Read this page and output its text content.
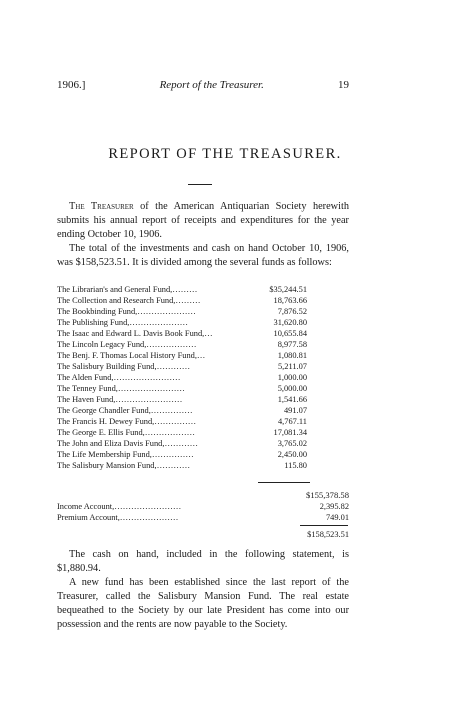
1906.]	Report of the Treasurer.	19
REPORT OF THE TREASURER.

The Treasurer of the American Antiquarian Society herewith submits his annual report of receipts and expenditures for the year ending October 10, 1906.

The total of the investments and cash on hand October 10, 1906, was $158,523.51. It is divided among the several funds as follows:

The Librarian's and General Fund,………	$35,244.51
The Collection and Research Fund,………	18,763.66
The Bookbinding Fund,…………………	7,876.52
The Publishing Fund,…………………	31,620.80
The Isaac and Edward L. Davis Book Fund,…	10,655.84
The Lincoln Legacy Fund,………………	8,977.58
The Benj. F. Thomas Local History Fund,…	1,080.81
The Salisbury Building Fund,…………	5,211.07
The Alden Fund,……………………	1,000.00
The Tenney Fund,……………………	5,000.00
The Haven Fund,……………………	1,541.66
The George Chandler Fund,……………	491.07
The Francis H. Dewey Fund,……………	4,767.11
The George E. Ellis Fund,………………	17,081.34
The John and Eliza Davis Fund,…………	3,765.02
The Life Membership Fund,……………	2,450.00
The Salisbury Mansion Fund,…………	115.80
$155,378.58
Income Account,……………………	2,395.82
Premium Account,…………………	749.01
$158,523.51

The cash on hand, included in the following statement, is $1,880.94.

A new fund has been established since the last report of the Treasurer, called the Salisbury Mansion Fund. The real estate bequeathed to the Society by our late President has come into our possession and the rents are now payable to the Society.
